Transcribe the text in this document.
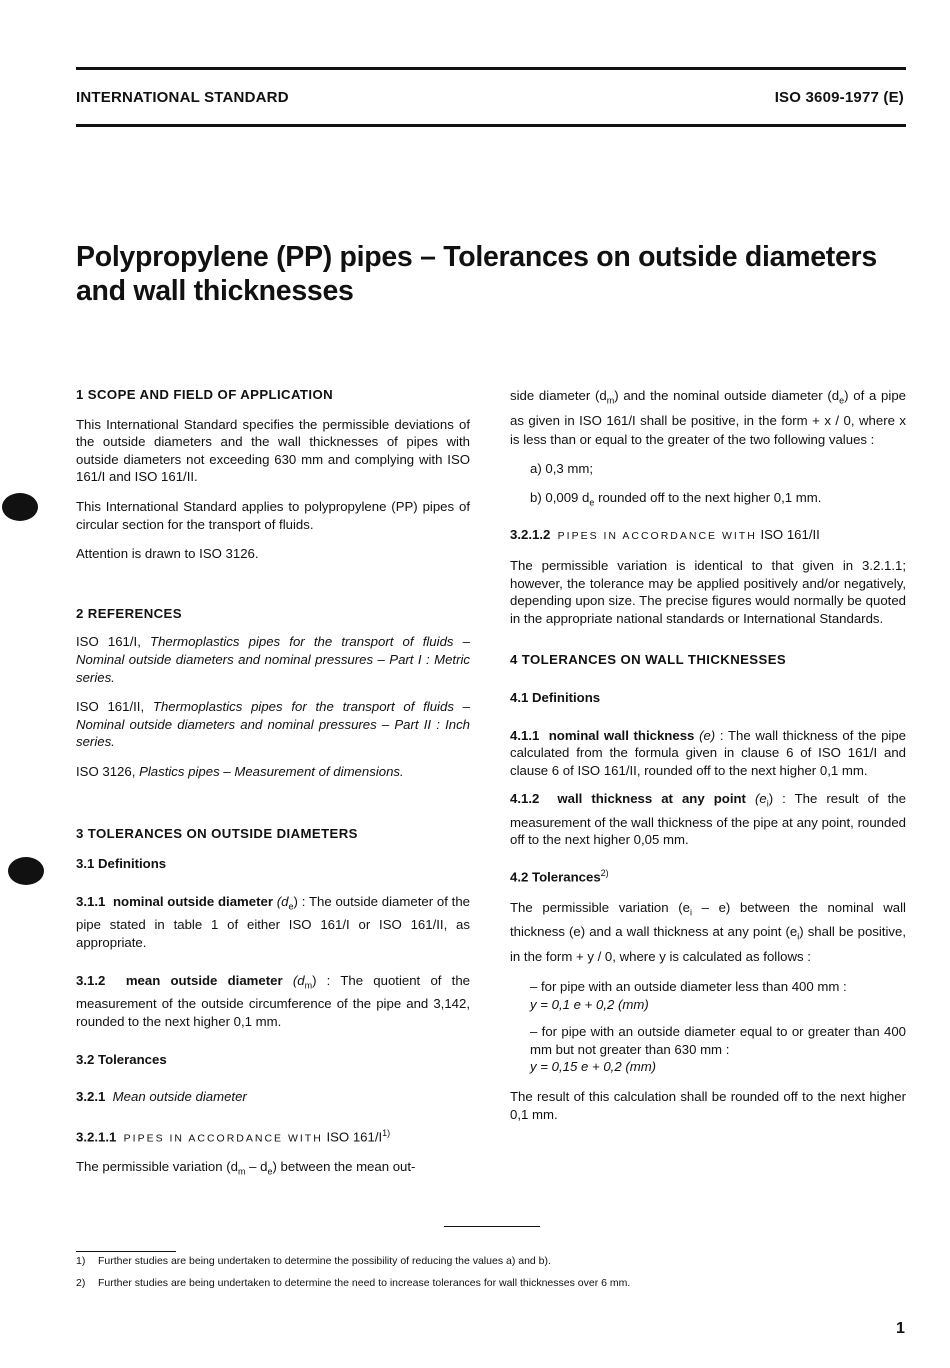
INTERNATIONAL STANDARD	ISO 3609-1977 (E)
Polypropylene (PP) pipes – Tolerances on outside diameters
and wall thicknesses

1 SCOPE AND FIELD OF APPLICATION

This International Standard specifies the permissible deviations of the outside diameters and the wall thicknesses of pipes with outside diameters not exceeding 630 mm and complying with ISO 161/I and ISO 161/II.

This International Standard applies to polypropylene (PP) pipes of circular section for the transport of fluids.

Attention is drawn to ISO 3126.

2 REFERENCES

ISO 161/I, Thermoplastics pipes for the transport of fluids – Nominal outside diameters and nominal pressures – Part I : Metric series.

ISO 161/II, Thermoplastics pipes for the transport of fluids – Nominal outside diameters and nominal pressures – Part II : Inch series.

ISO 3126, Plastics pipes – Measurement of dimensions.

3 TOLERANCES ON OUTSIDE DIAMETERS

3.1 Definitions

3.1.1 nominal outside diameter $(d_e)$ : The outside diameter of the pipe stated in table 1 of either ISO 161/I or ISO 161/II, as appropriate.

3.1.2 mean outside diameter $(d_m)$ : The quotient of the measurement of the outside circumference of the pipe and 3,142, rounded to the next higher 0,1 mm.

3.2 Tolerances

3.2.1 Mean outside diameter

3.2.1.1 PIPES IN ACCORDANCE WITH ISO $161/I^{1)}$

The permissible variation $(d_m - d_e)$ between the mean out-

side diameter $(d_m)$ and the nominal outside diameter $(d_e)$ of a pipe as given in ISO 161/I shall be positive, in the form + x / 0, where x is less than or equal to the greater of the two following values :

a) 0,3 mm;

b) 0,009 $d_e$ rounded off to the next higher 0,1 mm.

3.2.1.2 PIPES IN ACCORDANCE WITH ISO 161/II

The permissible variation is identical to that given in 3.2.1.1; however, the tolerance may be applied positively and/or negatively, depending upon size. The precise figures would normally be quoted in the appropriate national standards or International Standards.

4 TOLERANCES ON WALL THICKNESSES

4.1 Definitions

4.1.1 nominal wall thickness (e) : The wall thickness of the pipe calculated from the formula given in clause 6 of ISO 161/I and clause 6 of ISO 161/II, rounded off to the next higher 0,1 mm.

4.1.2 wall thickness at any point $(e_i)$ : The result of the measurement of the wall thickness of the pipe at any point, rounded off to the next higher 0,05 mm.

4.2 Tolerances$^{2)}$

The permissible variation $(e_i - e)$ between the nominal wall thickness (e) and a wall thickness at any point $(e_i)$ shall be positive, in the form + y / 0, where y is calculated as follows :

– for pipe with an outside diameter less than 400 mm :
y = 0,1 e + 0,2 (mm)

– for pipe with an outside diameter equal to or greater than 400 mm but not greater than 630 mm :
y = 0,15 e + 0,2 (mm)

The result of this calculation shall be rounded off to the next higher 0,1 mm.

1) Further studies are being undertaken to determine the possibility of reducing the values a) and b).
2) Further studies are being undertaken to determine the need to increase tolerances for wall thicknesses over 6 mm.
1
